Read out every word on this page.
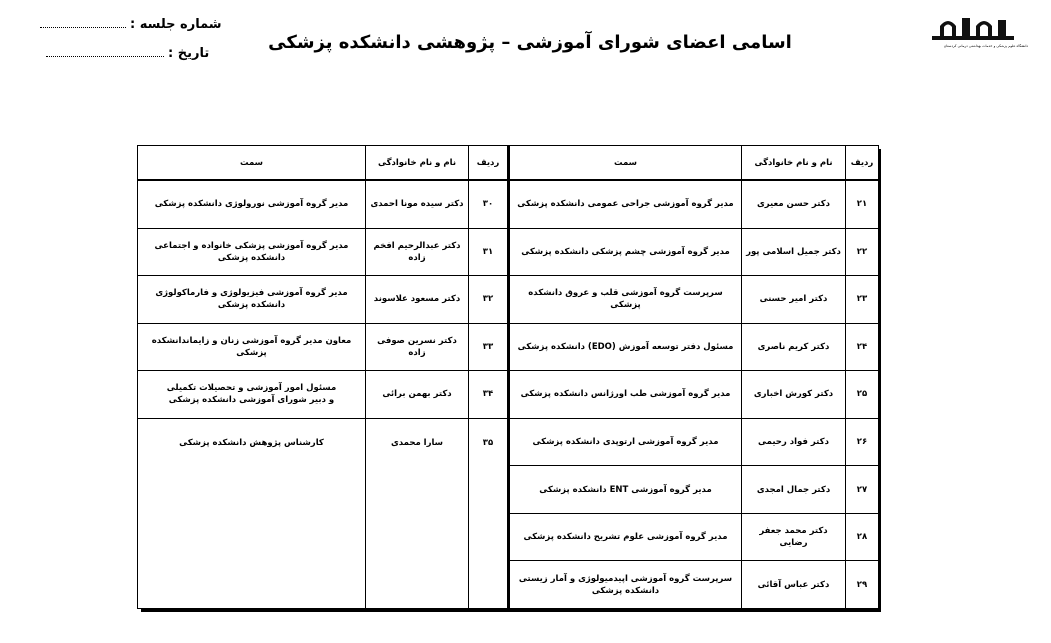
دانشگاه علوم پزشکی و خدمات بهداشتی درمانی کردستان
اسامی اعضای شورای آموزشی – پژوهشی دانشکده پزشکی
شماره جلسه :
تاریخ :
ردیف	نام و نام خانوادگی	سمت	ردیف	نام و نام خانوادگی	سمت
۲۱	دکتر حسن معیری	مدیر گروه آموزشی جراحی عمومی دانشکده پزشکی	۳۰	دکتر سیده مونا احمدی	مدیر گروه آموزشی نورولوژی دانشکده پزشکی
۲۲	دکتر جمیل اسلامی پور	مدیر گروه آموزشی چشم پزشکی دانشکده پزشکی	۳۱	دکتر عبدالرحیم افخم زاده	مدیر گروه آموزشی پزشکی خانواده و اجتماعی دانشکده پزشکی
۲۳	دکتر امیر حسنی	سرپرست گروه آموزشی قلب و عروق دانشکده پزشکی	۳۲	دکتر مسعود علاسوند	مدیر گروه آموزشی فیزیولوژی و فارماکولوژی دانشکده پزشکی
۲۴	دکتر کریم ناصری	مسئول دفتر توسعه آموزش (EDO) دانشکده پزشکی	۳۳	دکتر نسرین صوفی زاده	معاون مدیر گروه آموزشی زنان و زایماندانشکده پزشکی
۲۵	دکتر کورش اخباری	مدیر گروه آموزشی طب اورژانس دانشکده پزشکی	۳۴	دکتر بهمن برائی	مسئول امور آموزشی و تحصیلات تکمیلی
و دبیر شورای آموزشی دانشکده پزشکی

۲۶	دکتر فواد رحیمی	مدیر گروه آموزشی ارتوپدی دانشکده پزشکی	۳۵	سارا محمدی	کارشناس پژوهش دانشکده پزشکی
۲۷	دکتر جمال امجدی	مدیر گروه آموزشی ENT دانشکده پزشکی			
۲۸	دکتر محمد جعفر رضایی	مدیر گروه آموزشی علوم تشریح دانشکده پزشکی			
۲۹	دکتر عباس آقائی	سرپرست گروه آموزشی اپیدمیولوژی و آمار زیستی دانشکده پزشکی			
